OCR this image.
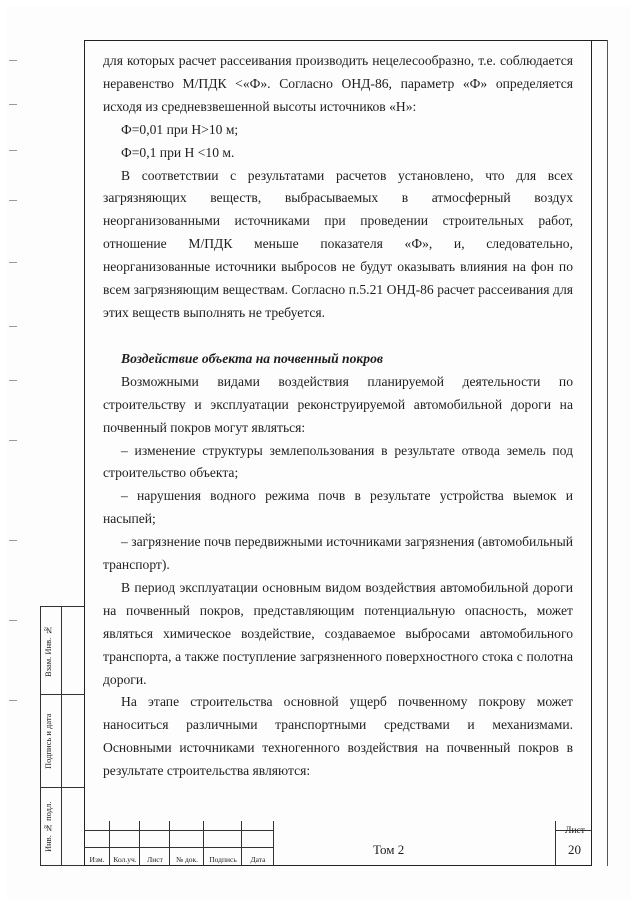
для которых расчет рассеивания производить нецелесообразно, т.е. соблюдается неравенство М/ПДК <«Ф». Согласно ОНД-86, параметр «Ф» определяется исходя из средневзвешенной высоты источников «Н»:

Ф=0,01 при Н>10 м;

Ф=0,1 при Н <10 м.

В соответствии с результатами расчетов установлено, что для всех загрязняющих веществ, выбрасываемых в атмосферный воздух неорганизованными источниками при проведении строительных работ, отношение М/ПДК меньше показателя «Ф», и, следовательно, неорганизованные источники выбросов не будут оказывать влияния на фон по всем загрязняющим веществам. Согласно п.5.21 ОНД-86 расчет рассеивания для этих веществ выполнять не требуется.

Воздействие объекта на почвенный покров

Возможными видами воздействия планируемой деятельности по строительству и эксплуатации реконструируемой автомобильной дороги на почвенный покров могут являться:

– изменение структуры землепользования в результате отвода земель под строительство объекта;

– нарушения водного режима почв в результате устройства выемок и насыпей;

– загрязнение почв передвижными источниками загрязнения (автомобильный транспорт).

В период эксплуатации основным видом воздействия автомобильной дороги на почвенный покров, представляющим потенциальную опасность, может являться химическое воздействие, создаваемое выбросами автомобильного транспорта, а также поступление загрязненного поверхностного стока с полотна дороги.

На этапе строительства основной ущерб почвенному покрову может наноситься различными транспортными средствами и механизмами. Основными источниками техногенного воздействия на почвенный покров в результате строительства являются:

Взам. Инв. №
Подпись и дата
Инв. № подл.
Изм.	Кол.уч.	Лист	№ док.	Подпись	Дата
Том 2
Лист
20
